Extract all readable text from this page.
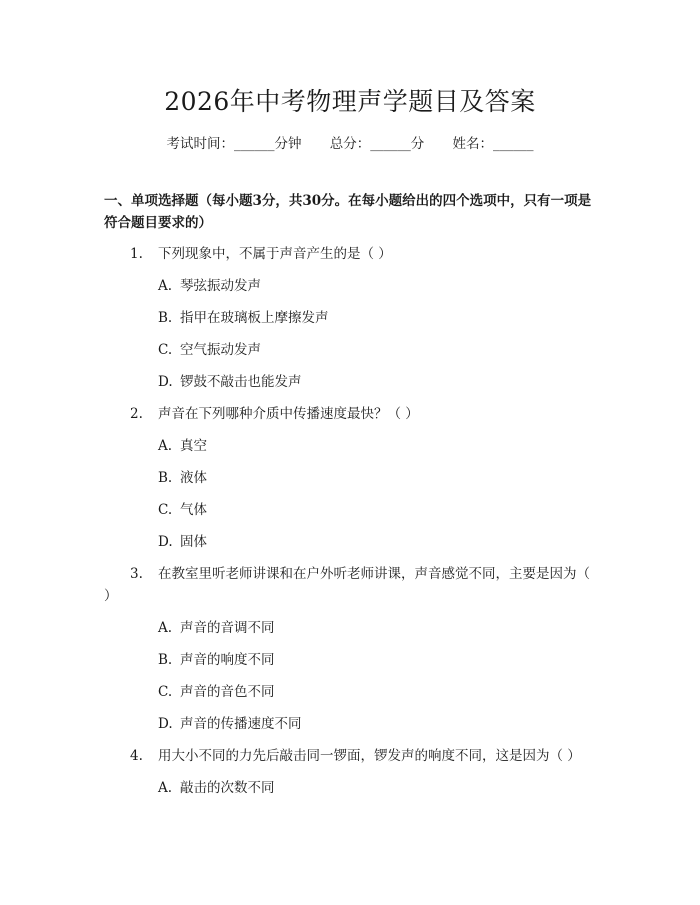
2026年中考物理声学题目及答案
考试时间：______分钟 总分：______分 姓名：______
一、单项选择题（每小题3分，共30分。在每小题给出的四个选项中，只有一项是符合题目要求的）
1. 下列现象中，不属于声音产生的是（ ）
A. 琴弦振动发声
B. 指甲在玻璃板上摩擦发声
C. 空气振动发声
D. 锣鼓不敲击也能发声
2. 声音在下列哪种介质中传播速度最快？（ ）
A. 真空
B. 液体
C. 气体
D. 固体
3. 在教室里听老师讲课和在户外听老师讲课，声音感觉不同，主要是因为（ ）
A. 声音的音调不同
B. 声音的响度不同
C. 声音的音色不同
D. 声音的传播速度不同
4. 用大小不同的力先后敲击同一锣面，锣发声的响度不同，这是因为（ ）
A. 敲击的次数不同
